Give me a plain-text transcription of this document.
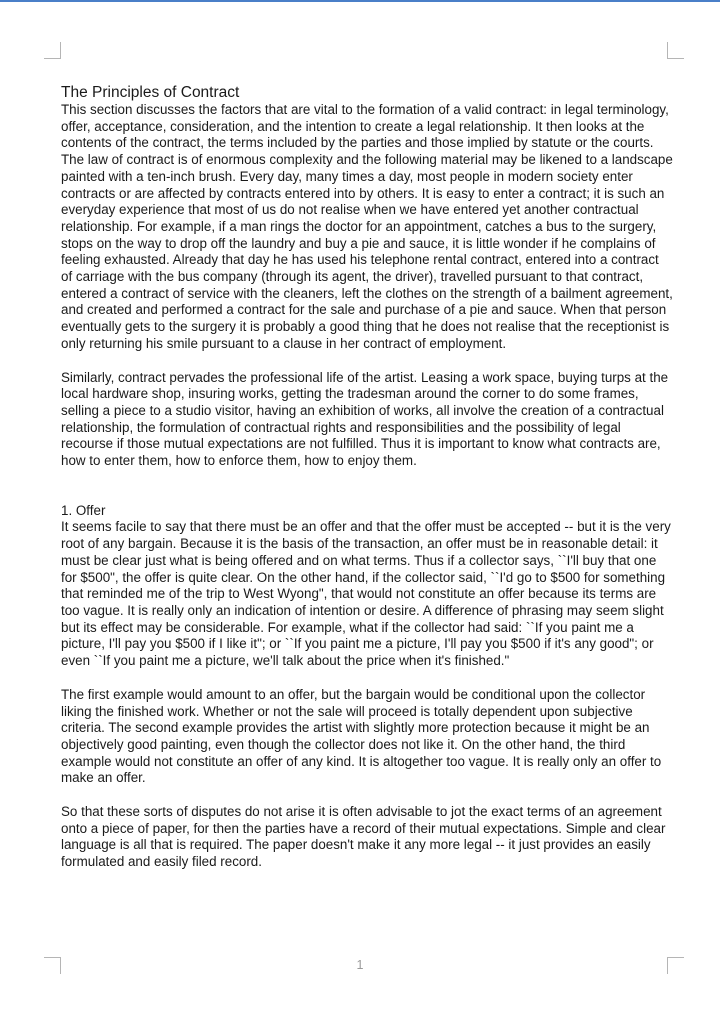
The Principles of Contract

This section discusses the factors that are vital to the formation of a valid contract: in legal terminology, offer, acceptance, consideration, and the intention to create a legal relationship. It then looks at the contents of the contract, the terms included by the parties and those implied by statute or the courts. The law of contract is of enormous complexity and the following material may be likened to a landscape painted with a ten-inch brush. Every day, many times a day, most people in modern society enter contracts or are affected by contracts entered into by others. It is easy to enter a contract; it is such an everyday experience that most of us do not realise when we have entered yet another contractual relationship. For example, if a man rings the doctor for an appointment, catches a bus to the surgery, stops on the way to drop off the laundry and buy a pie and sauce, it is little wonder if he complains of feeling exhausted. Already that day he has used his telephone rental contract, entered into a contract of carriage with the bus company (through its agent, the driver), travelled pursuant to that contract, entered a contract of service with the cleaners, left the clothes on the strength of a bailment agreement, and created and performed a contract for the sale and purchase of a pie and sauce. When that person eventually gets to the surgery it is probably a good thing that he does not realise that the receptionist is only returning his smile pursuant to a clause in her contract of employment.

Similarly, contract pervades the professional life of the artist. Leasing a work space, buying turps at the local hardware shop, insuring works, getting the tradesman around the corner to do some frames, selling a piece to a studio visitor, having an exhibition of works, all involve the creation of a contractual relationship, the formulation of contractual rights and responsibilities and the possibility of legal recourse if those mutual expectations are not fulfilled. Thus it is important to know what contracts are, how to enter them, how to enforce them, how to enjoy them.

1. Offer

It seems facile to say that there must be an offer and that the offer must be accepted -- but it is the very root of any bargain. Because it is the basis of the transaction, an offer must be in reasonable detail: it must be clear just what is being offered and on what terms. Thus if a collector says, ``I'll buy that one for $500", the offer is quite clear. On the other hand, if the collector said, ``I'd go to $500 for something that reminded me of the trip to West Wyong", that would not constitute an offer because its terms are too vague. It is really only an indication of intention or desire. A difference of phrasing may seem slight but its effect may be considerable. For example, what if the collector had said: ``If you paint me a picture, I'll pay you $500 if I like it"; or ``If you paint me a picture, I'll pay you $500 if it's any good"; or even ``If you paint me a picture, we'll talk about the price when it's finished."

The first example would amount to an offer, but the bargain would be conditional upon the collector liking the finished work. Whether or not the sale will proceed is totally dependent upon subjective criteria. The second example provides the artist with slightly more protection because it might be an objectively good painting, even though the collector does not like it. On the other hand, the third example would not constitute an offer of any kind. It is altogether too vague. It is really only an offer to make an offer.

So that these sorts of disputes do not arise it is often advisable to jot the exact terms of an agreement onto a piece of paper, for then the parties have a record of their mutual expectations. Simple and clear language is all that is required. The paper doesn't make it any more legal -- it just provides an easily formulated and easily filed record.

1
